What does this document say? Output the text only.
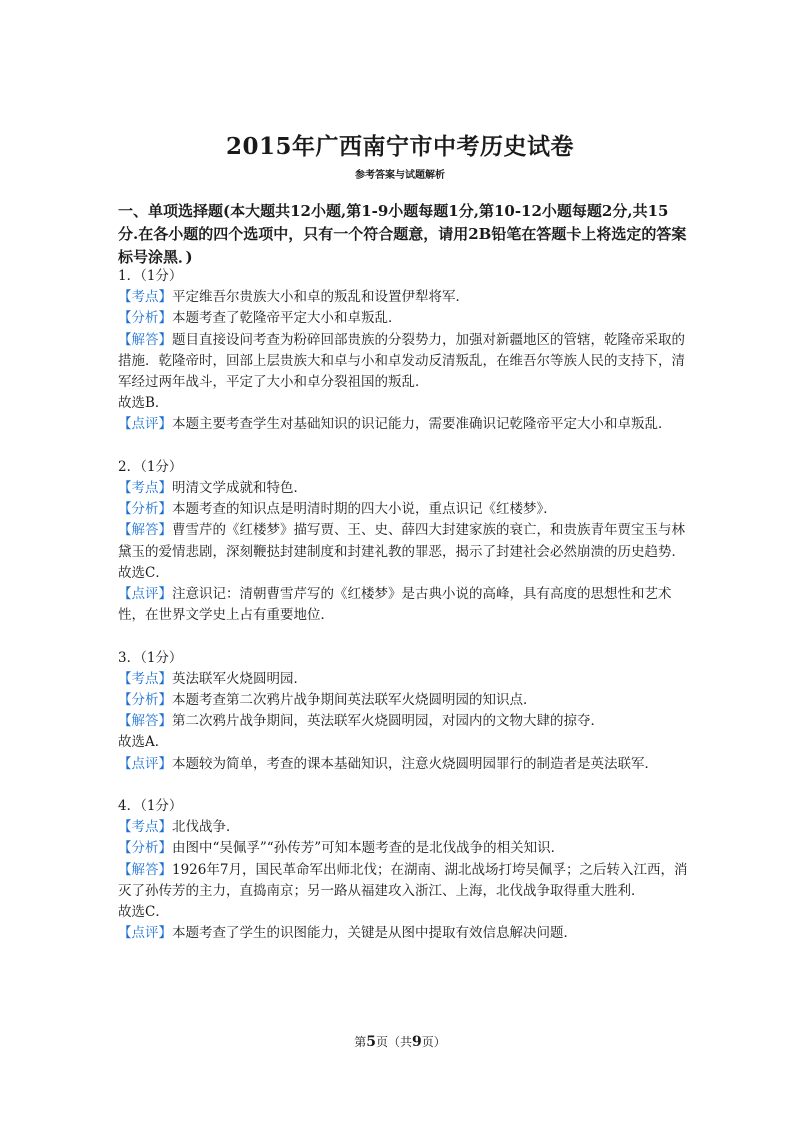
2015年广西南宁市中考历史试卷
参考答案与试题解析
一、单项选择题(本大题共12小题,第1-9小题每题1分,第10-12小题每题2分,共15分.在各小题的四个选项中，只有一个符合题意，请用2B铅笔在答题卡上将选定的答案标号涂黑．)
1．（1分）
【考点】平定维吾尔贵族大小和卓的叛乱和设置伊犁将军．
【分析】本题考查了乾隆帝平定大小和卓叛乱．
【解答】题目直接设问考查为粉碎回部贵族的分裂势力，加强对新疆地区的管辖，乾隆帝采取的措施．乾隆帝时，回部上层贵族大和卓与小和卓发动反清叛乱，在维吾尔等族人民的支持下，清军经过两年战斗，平定了大小和卓分裂祖国的叛乱．
故选B．
【点评】本题主要考查学生对基础知识的识记能力，需要准确识记乾隆帝平定大小和卓叛乱．
2．（1分）
【考点】明清文学成就和特色．
【分析】本题考查的知识点是明清时期的四大小说，重点识记《红楼梦》．
【解答】曹雪芹的《红楼梦》描写贾、王、史、薛四大封建家族的衰亡，和贵族青年贾宝玉与林黛玉的爱情悲剧，深刻鞭挞封建制度和封建礼教的罪恶，揭示了封建社会必然崩溃的历史趋势．
故选C．
【点评】注意识记：清朝曹雪芹写的《红楼梦》是古典小说的高峰，具有高度的思想性和艺术性，在世界文学史上占有重要地位．
3．（1分）
【考点】英法联军火烧圆明园．
【分析】本题考查第二次鸦片战争期间英法联军火烧圆明园的知识点．
【解答】第二次鸦片战争期间，英法联军火烧圆明园，对园内的文物大肆的掠夺．
故选A．
【点评】本题较为简单，考查的课本基础知识，注意火烧圆明园罪行的制造者是英法联军．
4．（1分）
【考点】北伐战争．
【分析】由图中“吴佩孚”“孙传芳”可知本题考查的是北伐战争的相关知识．
【解答】1926年7月，国民革命军出师北伐；在湖南、湖北战场打垮吴佩孚；之后转入江西，消灭了孙传芳的主力，直捣南京；另一路从福建攻入浙江、上海，北伐战争取得重大胜利．
故选C．
【点评】本题考查了学生的识图能力，关键是从图中提取有效信息解决问题．
第5页（共9页）
